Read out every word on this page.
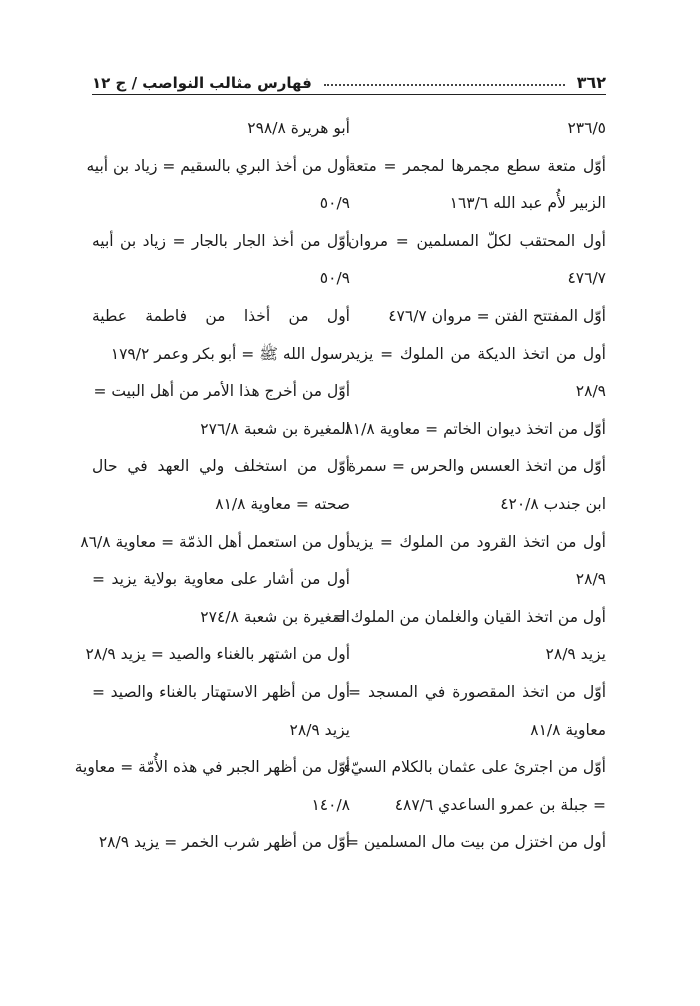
٣٦٢
فهارس مثالب النواصب / ج ١٢
٢٣٦/٥
أوّل متعة سطع مجمرها لمجمر = متعة
الزبير لأُم عبد الله ١٦٣/٦
أول المحتقب لكلّ المسلمين = مروان
٤٧٦/٧
أوّل المفتتح الفتن = مروان ٤٧٦/٧
أول من اتخذ الديكة من الملوك = يزيد
٢٨/٩
أوّل من اتخذ ديوان الخاتم = معاوية ٨١/٨
أوّل من اتخذ العسس والحرس = سمرة
ابن جندب ٤٢٠/٨
أول من اتخذ القرود من الملوك = يزيد
٢٨/٩
أول من اتخذ القيان والغلمان من الملوك =
يزيد ٢٨/٩
أوّل من اتخذ المقصورة في المسجد =
معاوية ٨١/٨
أوّل من اجترئ على عثمان بالكلام السيّء
= جبلة بن عمرو الساعدي ٤٨٧/٦
أول من اختزل من بيت مال المسلمين =
أبو هريرة ٢٩٨/٨
أول من أخذ البري بالسقيم = زياد بن أبيه
٥٠/٩
أوّل من أخذ الجار بالجار = زياد بن أبيه
٥٠/٩
أول من أخذا من فاطمة عطية
رسول الله ﷺ = أبو بكر وعمر ١٧٩/٢
أوّل من أخرج هذا الأمر من أهل البيت =
المغيرة بن شعبة ٢٧٦/٨
أوّل من استخلف ولي العهد في حال
صحته = معاوية ٨١/٨
أول من استعمل أهل الذمّة = معاوية ٨٦/٨
أول من أشار على معاوية بولاية يزيد =
المغيرة بن شعبة ٢٧٤/٨
أول من اشتهر بالغناء والصيد = يزيد ٢٨/٩
أول من أظهر الاستهتار بالغناء والصيد =
يزيد ٢٨/٩
أوّل من أظهر الجبر في هذه الأُمّة = معاوية
١٤٠/٨
أوّل من أظهر شرب الخمر = يزيد ٢٨/٩
